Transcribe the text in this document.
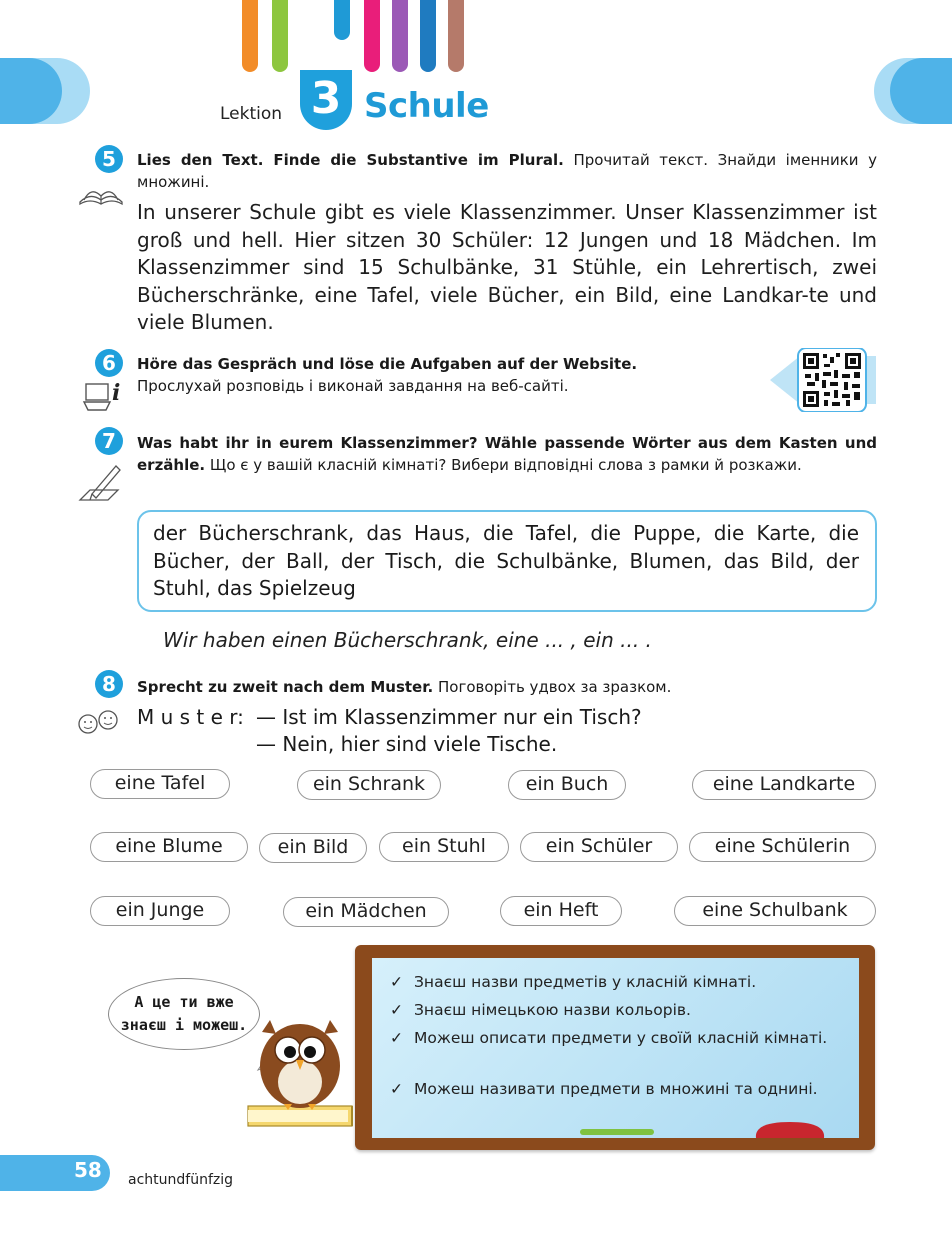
Lektion 3 Schule
5	Lies den Text. Finde die Substantive im Plural. Прочитай текст. Знайди іменники у множині.
In unserer Schule gibt es viele Klassenzimmer. Unser Klassenzimmer ist groß und hell. Hier sitzen 30 Schüler: 12 Jungen und 18 Mädchen. Im Klassenzimmer sind 15 Schulbänke, 31 Stühle, ein Lehrertisch, zwei Bücherschränke, eine Tafel, viele Bücher, ein Bild, eine Landkar-te und viele Blumen.
6
i
Höre das Gespräch und löse die Aufgaben auf der Website.
Прослухай розповідь і виконай завдання на веб-сайті.
7	Was habt ihr in eurem Klassenzimmer? Wähle passende Wörter aus dem Kasten und erzähle. Що є у вашій класній кімнаті? Вибери відповідні слова з рамки й розкажи.
der Bücherschrank, das Haus, die Tafel, die Puppe, die Karte, die Bücher, der Ball, der Tisch, die Schulbänke, Blumen, das Bild, der Stuhl, das Spielzeug
Wir haben einen Bücherschrank, eine ... , ein ... .
8	Sprecht zu zweit nach dem Muster. Поговоріть удвох за зразком.
M u s t e r: — Ist im Klassenzimmer nur ein Tisch?
— Nein, hier sind viele Tische.
eine Tafel	ein Schrank	ein Buch	eine Landkarte
eine Blume	ein Bild	ein Stuhl	ein Schüler	eine Schülerin
ein Junge	ein Mädchen	ein Heft	eine Schulbank
А це ти вже
знаєш і можеш.
✓ Знаєш назви предметів у класній кімнаті.
✓ Знаєш німецькою назви кольорів.
✓ Можеш описати предмети у своїй класній кімнаті.
✓ Можеш називати предмети в множині та однині.
58 achtundfünfzig
